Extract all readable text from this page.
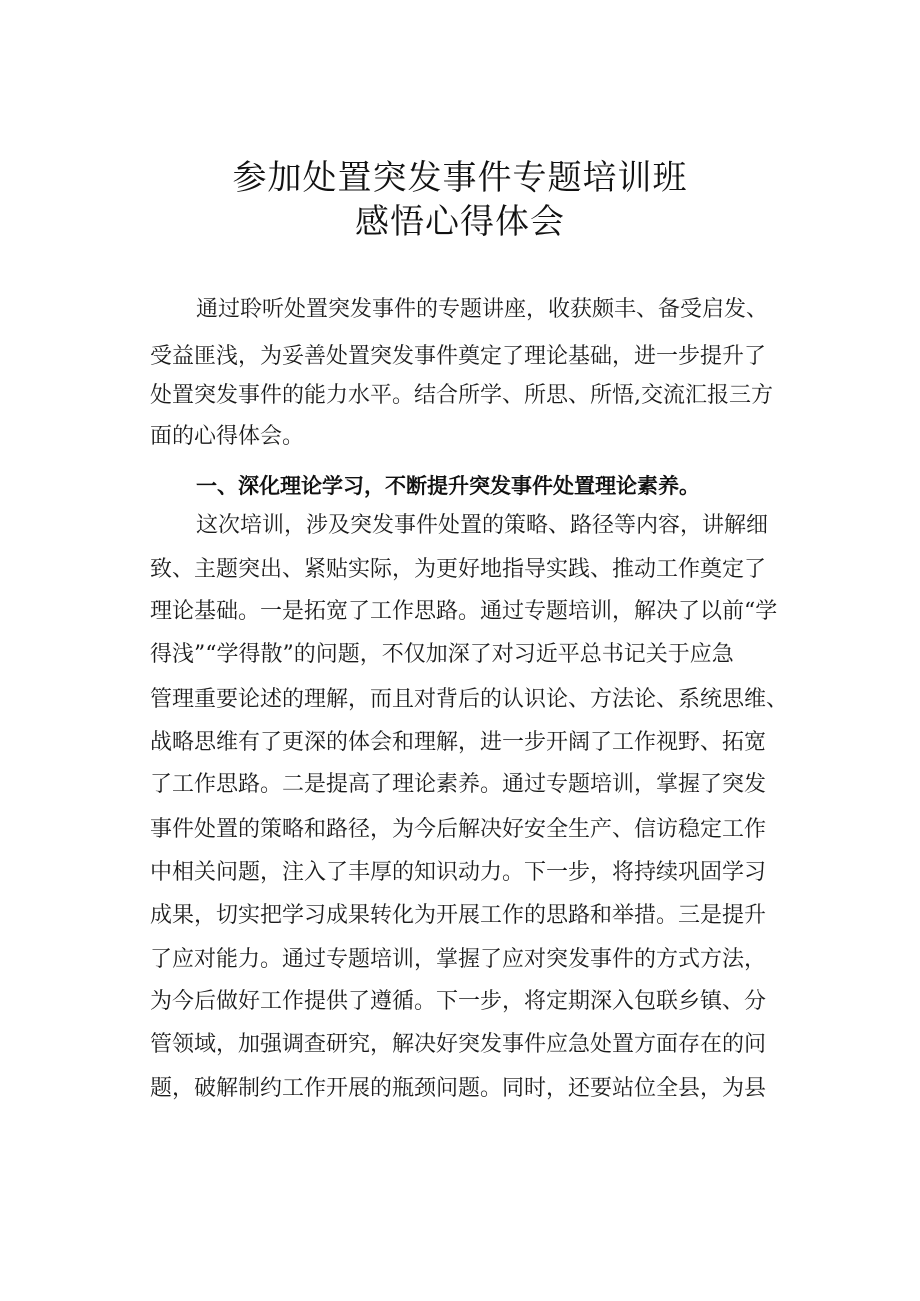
参加处置突发事件专题培训班
感悟心得体会
通过聆听处置突发事件的专题讲座，收获颇丰、备受启发、
受益匪浅，为妥善处置突发事件奠定了理论基础，进一步提升了
处置突发事件的能力水平。结合所学、所思、所悟,交流汇报三方
面的心得体会。
一、深化理论学习，不断提升突发事件处置理论素养。
这次培训，涉及突发事件处置的策略、路径等内容，讲解细
致、主题突出、紧贴实际，为更好地指导实践、推动工作奠定了
理论基础。一是拓宽了工作思路。通过专题培训，解决了以前“学
得浅”“学得散”的问题，不仅加深了对习近平总书记关于应急
管理重要论述的理解，而且对背后的认识论、方法论、系统思维、
战略思维有了更深的体会和理解，进一步开阔了工作视野、拓宽
了工作思路。二是提高了理论素养。通过专题培训，掌握了突发
事件处置的策略和路径，为今后解决好安全生产、信访稳定工作
中相关问题，注入了丰厚的知识动力。下一步，将持续巩固学习
成果，切实把学习成果转化为开展工作的思路和举措。三是提升
了应对能力。通过专题培训，掌握了应对突发事件的方式方法，
为今后做好工作提供了遵循。下一步，将定期深入包联乡镇、分
管领域，加强调查研究，解决好突发事件应急处置方面存在的问
题，破解制约工作开展的瓶颈问题。同时，还要站位全县，为县
